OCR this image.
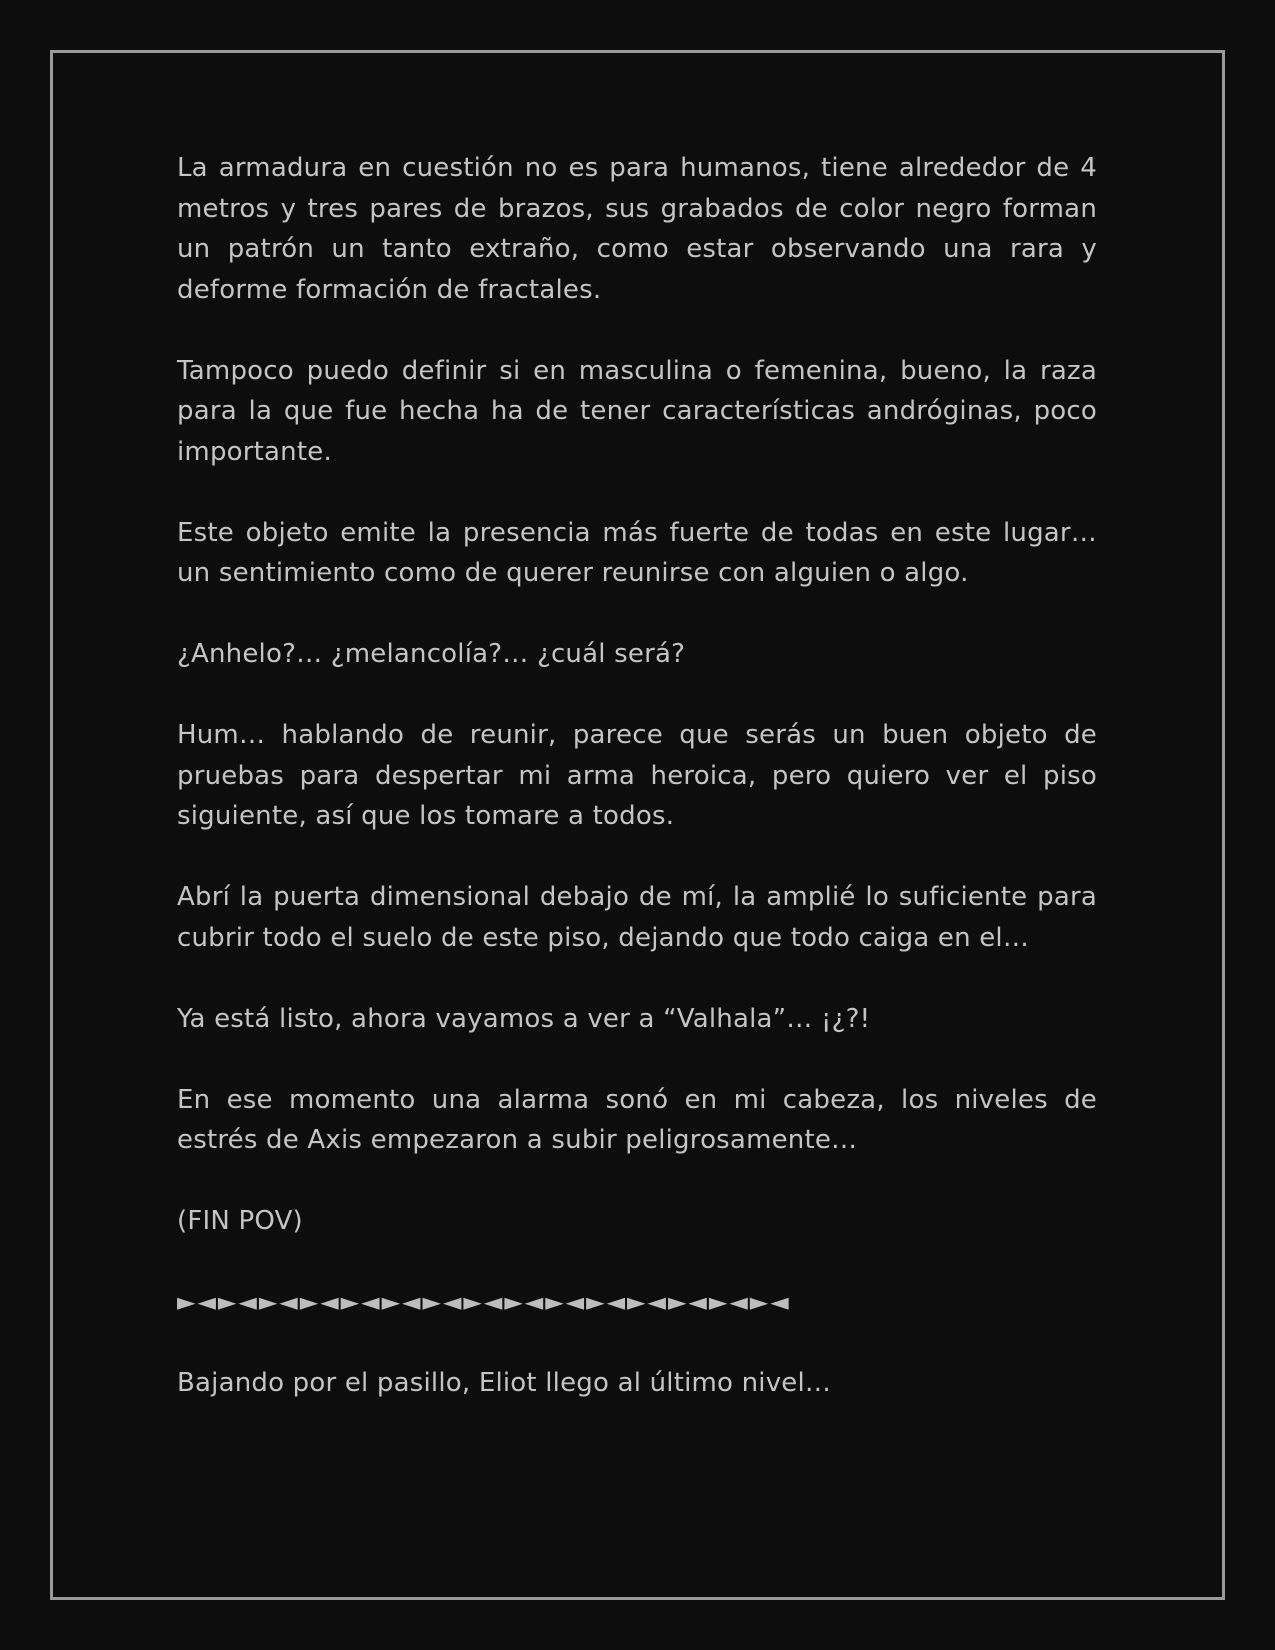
La armadura en cuestión no es para humanos, tiene alrededor de 4 metros y tres pares de brazos, sus grabados de color negro forman un patrón un tanto extraño, como estar observando una rara y deforme formación de fractales.

Tampoco puedo definir si en masculina o femenina, bueno, la raza para la que fue hecha ha de tener características andróginas, poco importante.

Este objeto emite la presencia más fuerte de todas en este lugar… un sentimiento como de querer reunirse con alguien o algo.

¿Anhelo?… ¿melancolía?… ¿cuál será?

Hum… hablando de reunir, parece que serás un buen objeto de pruebas para despertar mi arma heroica, pero quiero ver el piso siguiente, así que los tomare a todos.

Abrí la puerta dimensional debajo de mí, la amplié lo suficiente para cubrir todo el suelo de este piso, dejando que todo caiga en el…

Ya está listo, ahora vayamos a ver a “Valhala”… ¡¿?!

En ese momento una alarma sonó en mi cabeza, los niveles de estrés de Axis empezaron a subir peligrosamente…

(FIN POV)

►◄►◄►◄►◄►◄►◄►◄►◄►◄►◄►◄►◄►◄►◄►◄

Bajando por el pasillo, Eliot llego al último nivel…
